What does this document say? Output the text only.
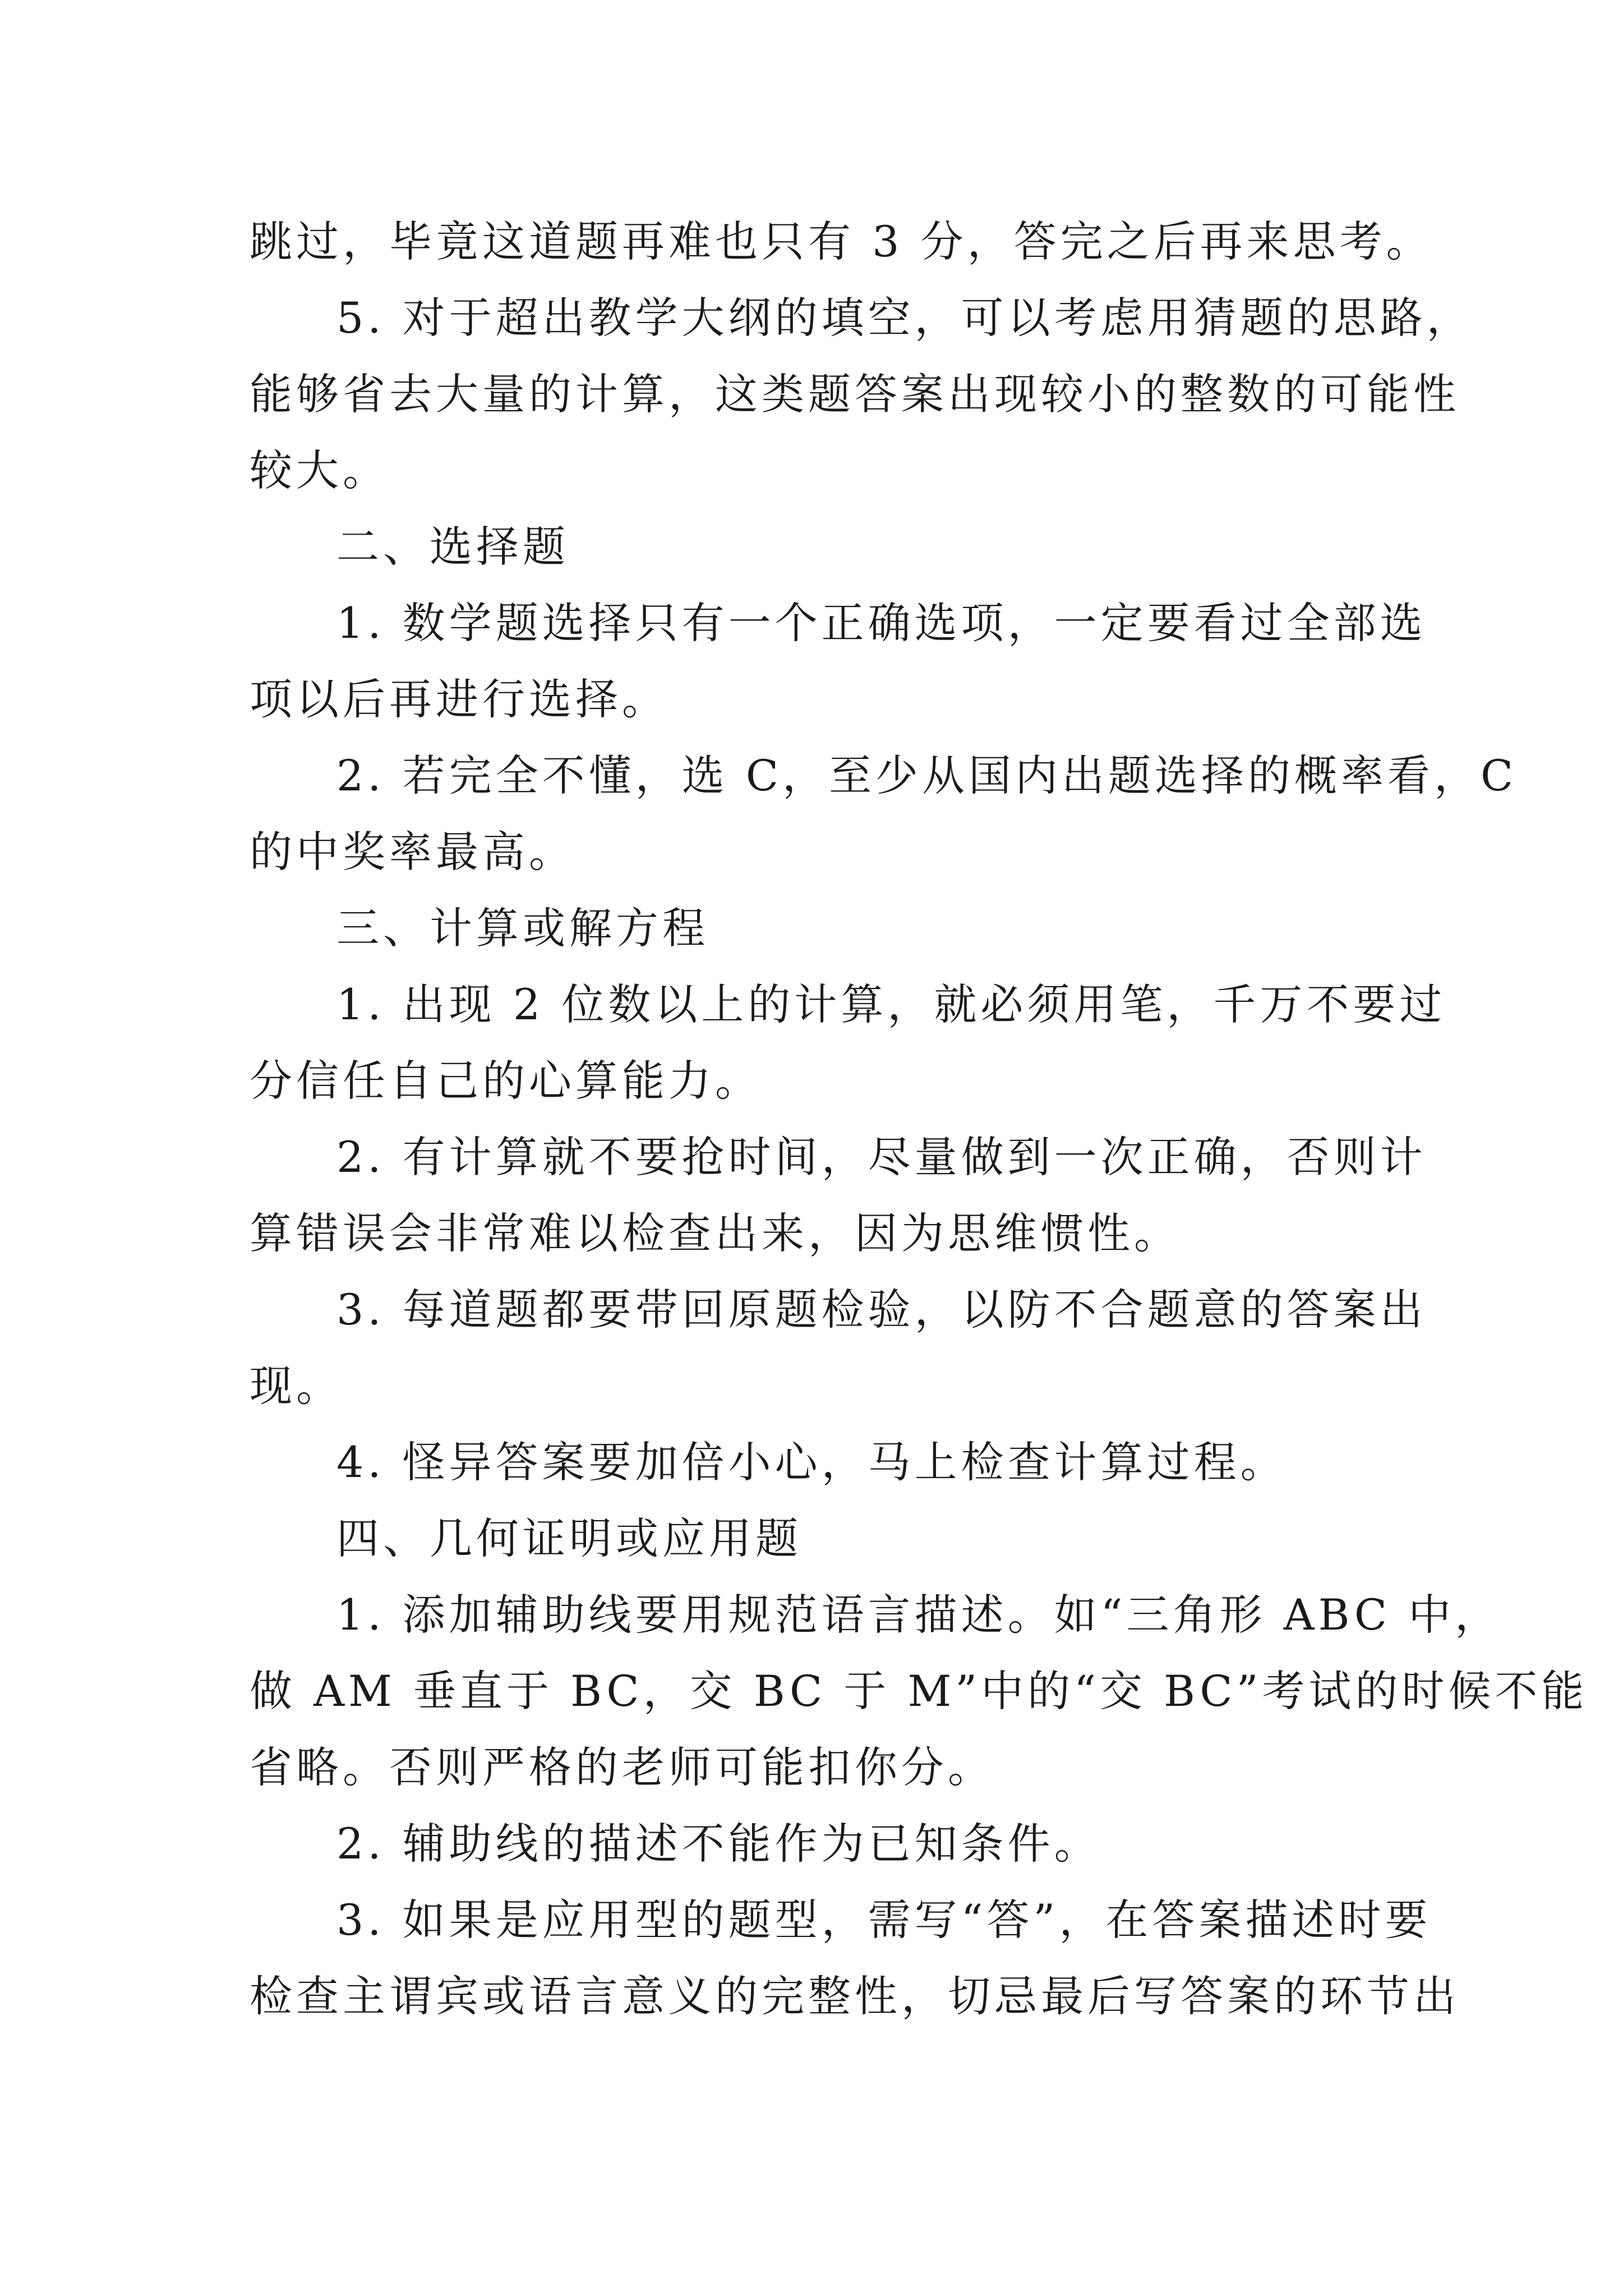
跳过，毕竟这道题再难也只有 3 分，答完之后再来思考。

5. 对于超出教学大纲的填空，可以考虑用猜题的思路，

能够省去大量的计算，这类题答案出现较小的整数的可能性

较大。

二、选择题

1. 数学题选择只有一个正确选项，一定要看过全部选

项以后再进行选择。

2. 若完全不懂，选 C，至少从国内出题选择的概率看，C

的中奖率最高。

三、计算或解方程

1. 出现 2 位数以上的计算，就必须用笔，千万不要过

分信任自己的心算能力。

2. 有计算就不要抢时间，尽量做到一次正确，否则计

算错误会非常难以检查出来，因为思维惯性。

3. 每道题都要带回原题检验，以防不合题意的答案出

现。

4. 怪异答案要加倍小心，马上检查计算过程。

四、几何证明或应用题

1. 添加辅助线要用规范语言描述。如“三角形 ABC 中，

做 AM 垂直于 BC，交 BC 于 M”中的“交 BC”考试的时候不能

省略。否则严格的老师可能扣你分。

2. 辅助线的描述不能作为已知条件。

3. 如果是应用型的题型，需写“答”，在答案描述时要

检查主谓宾或语言意义的完整性，切忌最后写答案的环节出
